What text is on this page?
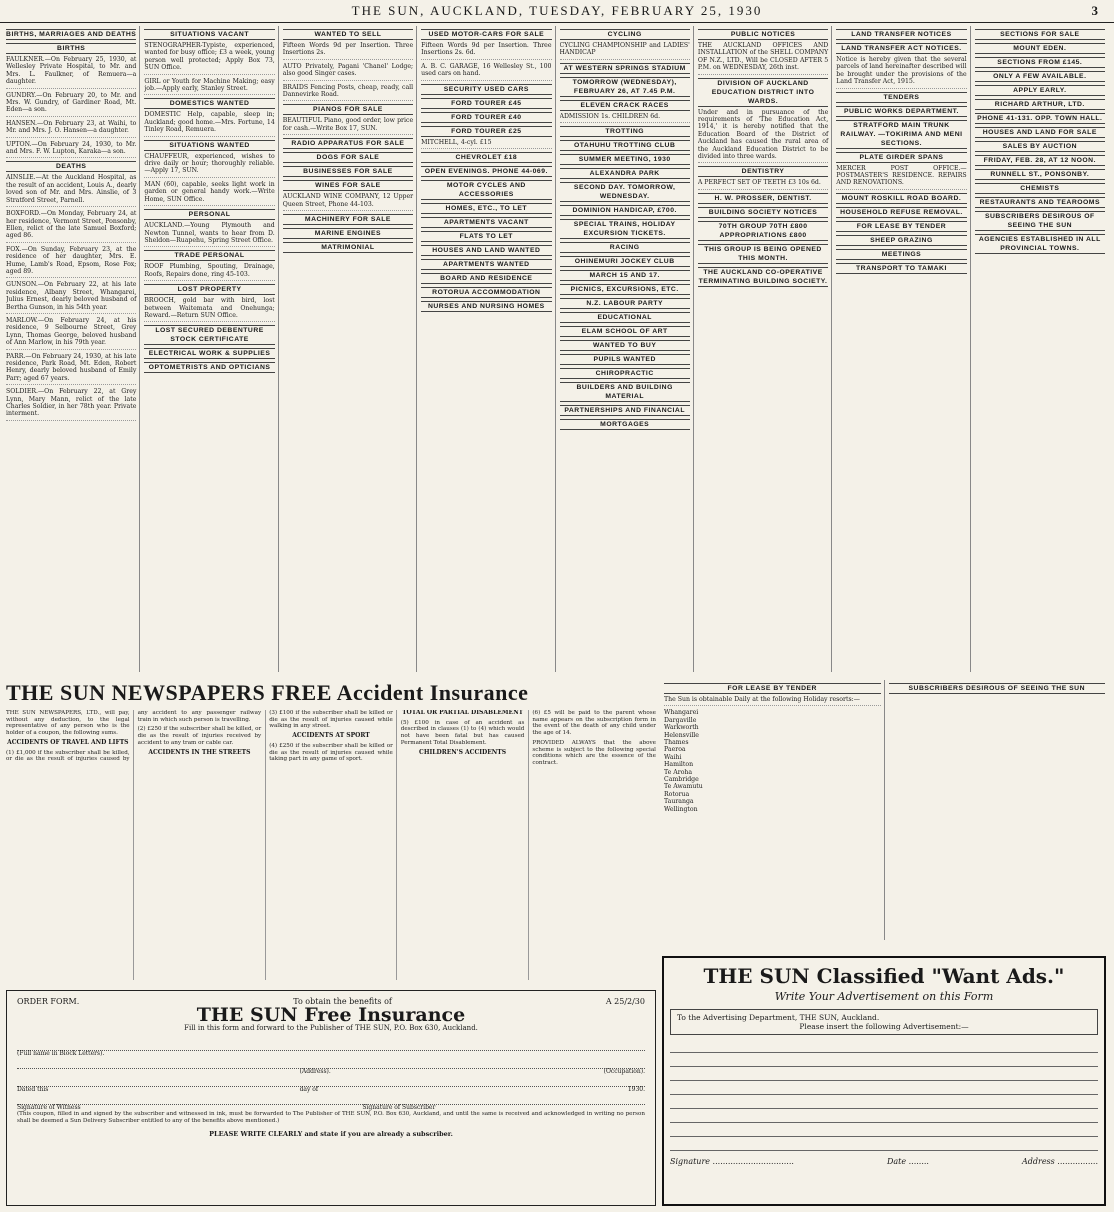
THE SUN, AUCKLAND, TUESDAY, FEBRUARY 25, 1930	3
BIRTHS, MARRIAGES AND DEATHS
BIRTHS
FAULKNER.—On February 25, 1930, at Wellesley Private Hospital, to Mr. and Mrs. L. Faulkner, of Remuera—a daughter.
GUNDRY.—On February 20, to Mr. and Mrs. W. Gundry, of Gardiner Road, Mt. Eden—a son.
HANSEN.—On February 23, at Waihi, to Mr. and Mrs. J. O. Hansen—a daughter.
UPTON.—On February 24, 1930, to Mr. and Mrs. F. W. Lupton, Karaka—a son.
DEATHS
AINSLIE.—At the Auckland Hospital, as the result of an accident, Louis A., dearly loved son of Mr. and Mrs. Ainslie, of 3 Stratford Street, Parnell.
BOXFORD.—On Monday, February 24, at her residence, Vermont Street, Ponsonby, Ellen, relict of the late Samuel Boxford; aged 86.
FOX.—On Sunday, February 23, at the residence of her daughter, Mrs. E. Hume, Lamb's Road, Epsom, Rose Fox; aged 89.
GUNSON.—On February 22, at his late residence, Albany Street, Whangarei, Julius Ernest, dearly beloved husband of Bertha Gunson, in his 54th year.
MARLOW.—On February 24, at his residence, 9 Selbourne Street, Grey Lynn, Thomas George, beloved husband of Ann Marlow, in his 79th year.
PARR.—On February 24, 1930, at his late residence, Park Road, Mt. Eden, Robert Henry, dearly beloved husband of Emily Parr; aged 67 years.
SOLDIER.—On February 22, at Grey Lynn, Mary Mann, relict of the late Charles Soldier, in her 78th year. Private interment.
SITUATIONS VACANT
STENOGRAPHER-Typiste, experienced, wanted for busy office; £3 a week, young person well protected; Apply Box 73, SUN Office.
GIRL or Youth for Machine Making; easy job.—Apply early, Stanley Street.
DOMESTICS WANTED
DOMESTIC Help, capable, sleep in; Auckland; good home.—Mrs. Fortune, 14 Tinley Road, Remuera.
SITUATIONS WANTED
CHAUFFEUR, experienced, wishes to drive daily or hour; thoroughly reliable.—Apply 17, SUN.
MAN (60), capable, seeks light work in garden or general handy work.—Write Home, SUN Office.
PERSONAL
AUCKLAND.—Young Plymouth and Newton Tunnel, wants to hear from D. Sheldon—Ruapehu, Spring Street Office.
TRADE PERSONAL
ROOF Plumbing, Spouting, Drainage, Roofs, Repairs done, ring 45-103.
LOST PROPERTY
BROOCH, gold bar with bird, lost between Waitemata and Onehunga; Reward.—Return SUN Office.
LOST SECURED DEBENTURE STOCK CERTIFICATE
ELECTRICAL WORK & SUPPLIES
OPTOMETRISTS AND OPTICIANS
WANTED TO SELL
Fifteen Words 9d per Insertion. Three Insertions 2s.
AUTO Privately, Pagani 'Chanel' Lodge; also good Singer cases.
BRAIDS Fencing Posts, cheap, ready, call Dannevirke Road.
PIANOS FOR SALE
BEAUTIFUL Piano, good order, low price for cash.—Write Box 17, SUN.
RADIO APPARATUS FOR SALE
DOGS FOR SALE
BUSINESSES FOR SALE
WINES FOR SALE
AUCKLAND WINE COMPANY, 12 Upper Queen Street, Phone 44-103.
MACHINERY FOR SALE
MARINE ENGINES
MATRIMONIAL
USED MOTOR-CARS FOR SALE
Fifteen Words 9d per Insertion. Three Insertions 2s. 6d.
A. B. C. GARAGE, 16 Wellesley St., 100 used cars on hand.
SECURITY USED CARS
FORD TOURER £45
FORD TOURER £40
FORD TOURER £25
MITCHELL, 4-cyl. £15
CHEVROLET £18
OPEN EVENINGS. PHONE 44-069.
MOTOR CYCLES AND ACCESSORIES
HOMES, ETC., TO LET
APARTMENTS VACANT
FLATS TO LET
HOUSES AND LAND WANTED
APARTMENTS WANTED
BOARD AND RESIDENCE
ROTORUA ACCOMMODATION
NURSES AND NURSING HOMES
CYCLING
CYCLING CHAMPIONSHIP and LADIES' HANDICAP
AT WESTERN SPRINGS STADIUM
TOMORROW (WEDNESDAY), FEBRUARY 26, AT 7.45 P.M.
ELEVEN CRACK RACES
ADMISSION 1s. CHILDREN 6d.
TROTTING
OTAHUHU TROTTING CLUB
SUMMER MEETING, 1930
ALEXANDRA PARK
SECOND DAY. TOMORROW, WEDNESDAY.
DOMINION HANDICAP, £700.
SPECIAL TRAINS, HOLIDAY EXCURSION TICKETS.
RACING
OHINEMURI JOCKEY CLUB
MARCH 15 AND 17.
PICNICS, EXCURSIONS, ETC.
N.Z. LABOUR PARTY
EDUCATIONAL
ELAM SCHOOL OF ART
WANTED TO BUY
PUPILS WANTED
CHIROPRACTIC
BUILDERS AND BUILDING MATERIAL
PARTNERSHIPS AND FINANCIAL
MORTGAGES
PUBLIC NOTICES
THE AUCKLAND OFFICES AND INSTALLATION of the SHELL COMPANY OF N.Z., LTD., Will be CLOSED AFTER 5 P.M. on WEDNESDAY, 26th inst.
DIVISION OF AUCKLAND EDUCATION DISTRICT INTO WARDS.
Under and in pursuance of the requirements of 'The Education Act, 1914,' it is hereby notified that the Education Board of the District of Auckland has caused the rural area of the Auckland Education District to be divided into three wards.
DENTISTRY
A PERFECT SET OF TEETH £3 10s 6d.
H. W. PROSSER, DENTIST.
BUILDING SOCIETY NOTICES
70TH GROUP 70TH £800 APPROPRIATIONS £800
THIS GROUP IS BEING OPENED THIS MONTH.
THE AUCKLAND CO-OPERATIVE TERMINATING BUILDING SOCIETY.
LAND TRANSFER NOTICES
LAND TRANSFER ACT NOTICES.
Notice is hereby given that the several parcels of land hereinafter described will be brought under the provisions of the Land Transfer Act, 1915.
TENDERS
PUBLIC WORKS DEPARTMENT.
STRATFORD MAIN TRUNK RAILWAY. —TOKIRIMA AND MENI SECTIONS.
PLATE GIRDER SPANS
MERCER POST OFFICE.—POSTMASTER'S RESIDENCE. REPAIRS AND RENOVATIONS.
MOUNT ROSKILL ROAD BOARD.
HOUSEHOLD REFUSE REMOVAL.
FOR LEASE BY TENDER
SHEEP GRAZING
MEETINGS
TRANSPORT TO TAMAKI
SECTIONS FOR SALE
MOUNT EDEN.
SECTIONS FROM £145.
ONLY A FEW AVAILABLE.
APPLY EARLY.
RICHARD ARTHUR, LTD.
PHONE 41-131. OPP. TOWN HALL.
HOUSES AND LAND FOR SALE
SALES BY AUCTION
FRIDAY, FEB. 28, AT 12 NOON.
RUNNELL ST., PONSONBY.
CHEMISTS
RESTAURANTS AND TEAROOMS
SUBSCRIBERS DESIROUS OF SEEING THE SUN
AGENCIES ESTABLISHED IN ALL PROVINCIAL TOWNS.
THE SUN NEWSPAPERS FREE Accident Insurance

THE SUN NEWSPAPERS, LTD., will pay, without any deduction, to the legal representative of any person who is the holder of a coupon, the following sums.

ACCIDENTS OF TRAVEL AND LIFTS

(1) £1,000 if the subscriber shall be killed, or die as the result of injuries caused by any accident to any passenger railway train in which such person is travelling.

(2) £250 if the subscriber shall be killed, or die as the result of injuries received by accident to any tram or cable car.

ACCIDENTS IN THE STREETS

(3) £100 if the subscriber shall be killed or die as the result of injuries caused while walking in any street.

ACCIDENTS AT SPORT

(4) £250 if the subscriber shall be killed or die as the result of injuries caused while taking part in any game of sport.

TOTAL OR PARTIAL DISABLEMENT

(5) £100 in case of an accident as described in clauses (1) to (4) which would not have been fatal but has caused Permanent Total Disablement.

CHILDREN'S ACCIDENTS

(6) £5 will be paid to the parent whose name appears on the subscription form in the event of the death of any child under the age of 14.

PROVIDED ALWAYS that the above scheme is subject to the following special conditions which are the essence of the contract.

ORDER FORM.	To obtain the benefits of	A 25/2/30
THE SUN Free Insurance
Fill in this form and forward to the Publisher of THE SUN, P.O. Box 630, Auckland.
(Full name in Block Letters).
(Address).	(Occupation).
Dated this	day of	1930.
Signature of Witness	Signature of Subscriber
(This coupon, filled in and signed by the subscriber and witnessed in ink, must be forwarded to The Publisher of THE SUN, P.O. Box 630, Auckland, and until the same is received and acknowledged in writing no person shall be deemed a Sun Delivery Subscriber entitled to any of the benefits above mentioned.)
PLEASE WRITE CLEARLY and state if you are already a subscriber.
FOR LEASE BY TENDER
The Sun is obtainable Daily at the following Holiday resorts:—
Whangarei
Dargaville
Warkworth
Helensville
Thames
Paeroa
Waihi
Hamilton
Te Aroha
Cambridge
Te Awamutu
Rotorua
Tauranga
Wellington
SUBSCRIBERS DESIROUS OF SEEING THE SUN
THE SUN Classified "Want Ads."
Write Your Advertisement on this Form
To the Advertising Department, THE SUN, Auckland.
Please insert the following Advertisement:—
Signature ................................	Date ........	Address ................
